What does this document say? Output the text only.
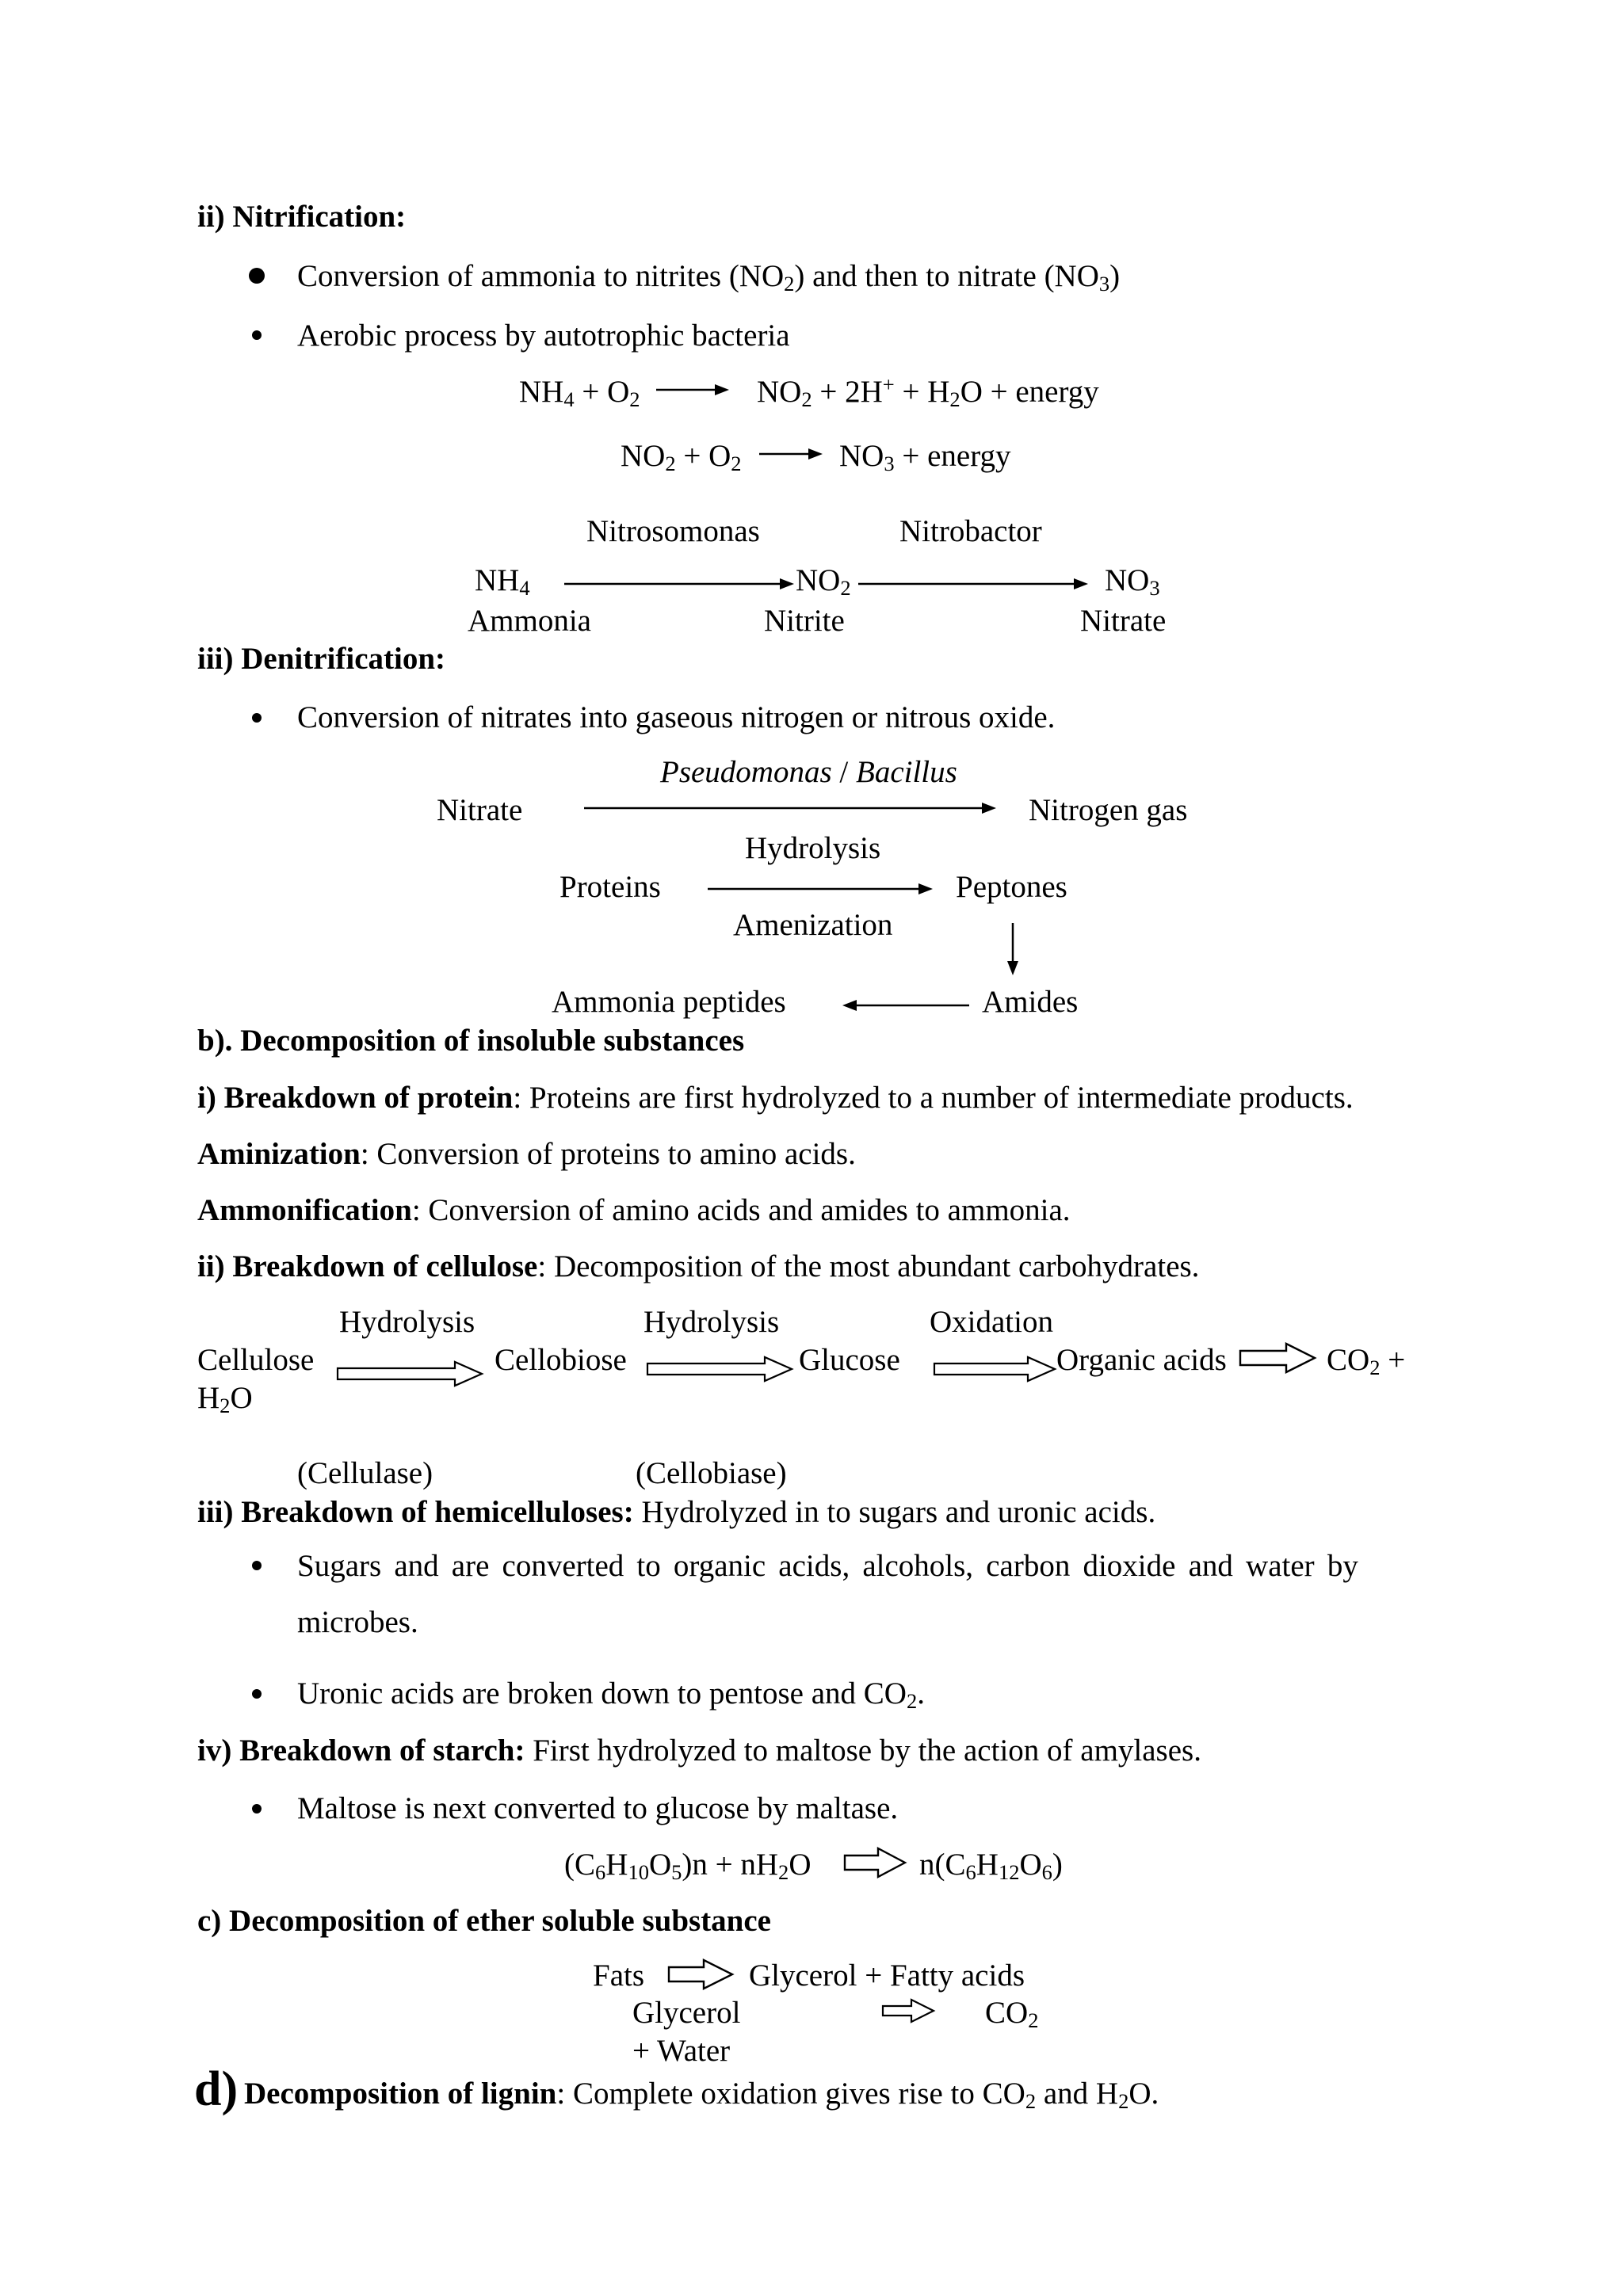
ii) Nitrification:
Conversion of ammonia to nitrites $(NO_2)$ and then to nitrate $(NO_3)$
Aerobic process by autotrophic bacteria
$NH_4 + O_2 \to NO_2 + 2H^+ + H_2O$ + energy
$NO_2 + O_2 \to NO_3$ + energy
Nitrosomonas	Nitrobactor
$NH_4$	$NO_2$	$NO_3$
Ammonia	Nitrite	Nitrate
iii) Denitrification:
Conversion of nitrates into gaseous nitrogen or nitrous oxide.
Pseudomonas / Bacillus
Nitrate	Nitrogen gas
Hydrolysis
Proteins	Peptones
Amenization
Ammonia peptides	Amides
b). Decomposition of insoluble substances
i) Breakdown of protein: Proteins are first hydrolyzed to a number of intermediate products.
Aminization: Conversion of proteins to amino acids.
Ammonification: Conversion of amino acids and amides to ammonia.
ii) Breakdown of cellulose: Decomposition of the most abundant carbohydrates.
Hydrolysis	Hydrolysis	Oxidation
Cellulose	Cellobiose	Glucose	Organic acids	$CO_2$ +
$H_2O$
(Cellulase)	(Cellobiase)
iii) Breakdown of hemicelluloses: Hydrolyzed in to sugars and uronic acids.
Sugars and are converted to organic acids, alcohols, carbon dioxide and water by
microbes.
Uronic acids are broken down to pentose and $CO_2$.
iv) Breakdown of starch: First hydrolyzed to maltose by the action of amylases.
Maltose is next converted to glucose by maltase.
$(C_6H_{10}O_5)n + nH_2O$	$n(C_6H_{12}O_6)$
c) Decomposition of ether soluble substance
Fats	Glycerol + Fatty acids
Glycerol	$CO_2$
+ Water
d) Decomposition of lignin: Complete oxidation gives rise to $CO_2$ and $H_2O$.
